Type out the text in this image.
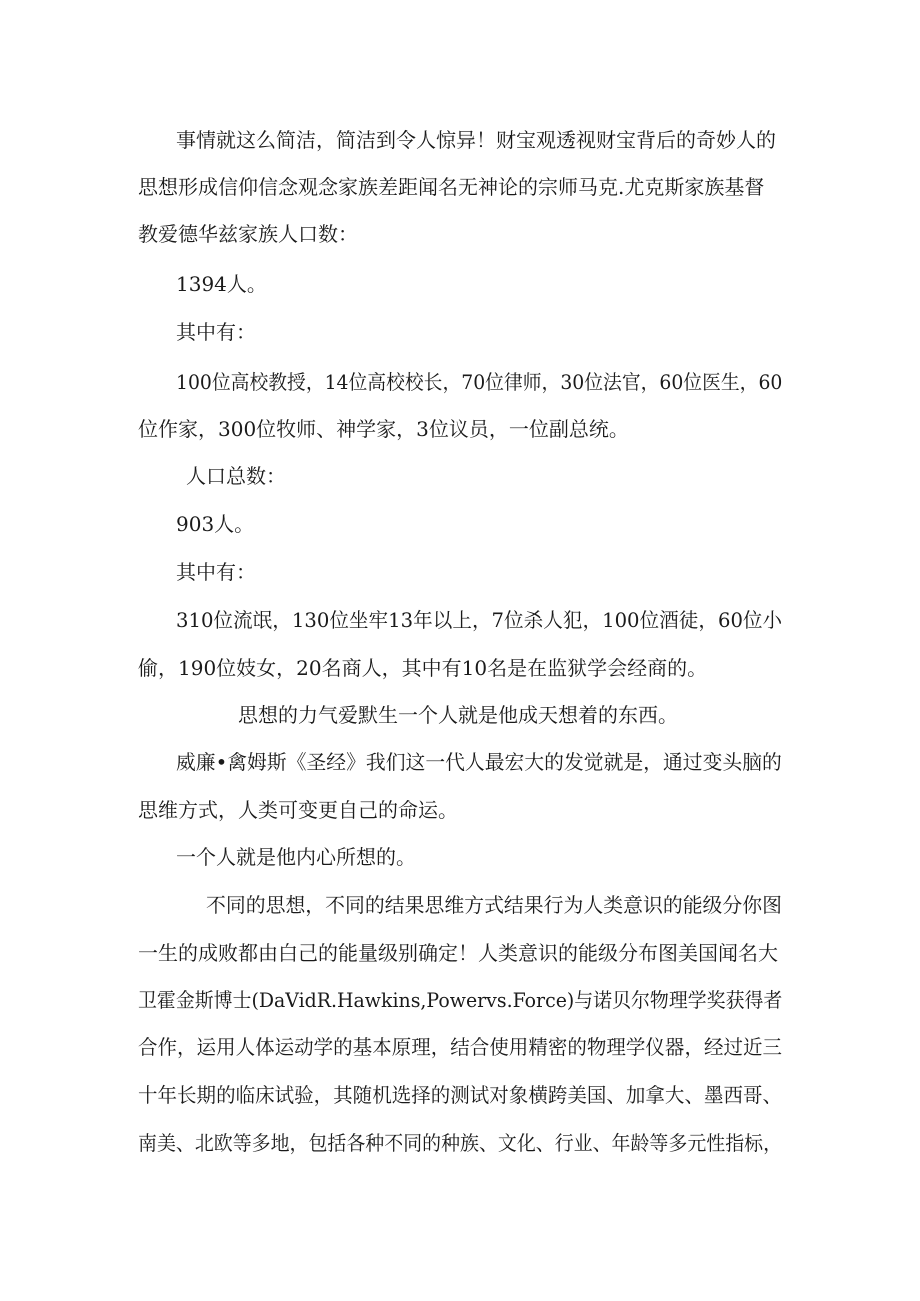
事情就这么简洁，简洁到令人惊异！财宝观透视财宝背后的奇妙人的
思想形成信仰信念观念家族差距闻名无神论的宗师马克.尤克斯家族基督
教爱德华兹家族人口数：
1394人。
其中有：
100位高校教授，14位高校校长，70位律师，30位法官，60位医生，60
位作家，300位牧师、神学家，3位议员，一位副总统。
人口总数：
903人。
其中有：
310位流氓，130位坐牢13年以上，7位杀人犯，100位酒徒，60位小
偷，190位妓女，20名商人，其中有10名是在监狱学会经商的。
思想的力气爱默生一个人就是他成天想着的东西。
威廉•禽姆斯《圣经》我们这一代人最宏大的发觉就是，通过变头脑的
思维方式，人类可变更自己的命运。
一个人就是他内心所想的。
不同的思想，不同的结果思维方式结果行为人类意识的能级分你图
一生的成败都由白己的能量级别确定！人类意识的能级分布图美国闻名大
卫霍金斯博士(DaVidR.Hawkins,Powervs.Force)与诺贝尔物理学奖获得者
合作，运用人体运动学的基本原理，结合使用精密的物理学仪器，经过近三
十年长期的临床试验，其随机选择的测试对象横跨美国、加拿大、墨西哥、
南美、北欧等多地，包括各种不同的种族、文化、行业、年龄等多元性指标，
